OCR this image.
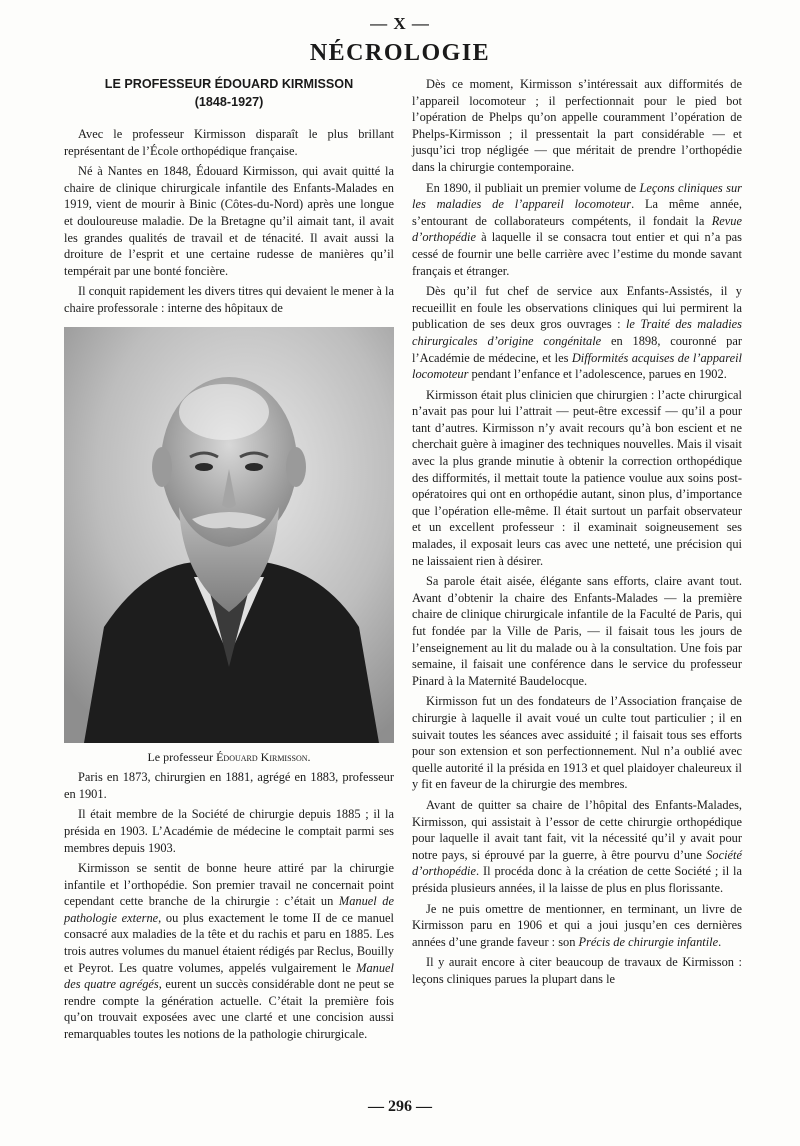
— X —
NÉCROLOGIE
LE PROFESSEUR ÉDOUARD KIRMISSON
(1848-1927)

Avec le professeur Kirmisson disparaît le plus brillant représentant de l’École orthopédique française.

Né à Nantes en 1848, Édouard Kirmisson, qui avait quitté la chaire de clinique chirurgicale infantile des Enfants-Malades en 1919, vient de mourir à Binic (Côtes-du-Nord) après une longue et douloureuse maladie. De la Bretagne qu’il aimait tant, il avait les grandes qualités de travail et de ténacité. Il avait aussi la droiture de l’esprit et une certaine rudesse de manières qu’il tempérait par une bonté foncière.

Il conquit rapidement les divers titres qui devaient le mener à la chaire professorale : interne des hôpitaux de

Le professeur Édouard Kirmisson.

Paris en 1873, chirurgien en 1881, agrégé en 1883, professeur en 1901.

Il était membre de la Société de chirurgie depuis 1885 ; il la présida en 1903. L’Académie de médecine le comptait parmi ses membres depuis 1903.

Kirmisson se sentit de bonne heure attiré par la chirurgie infantile et l’orthopédie. Son premier travail ne concernait point cependant cette branche de la chirurgie : c’était un Manuel de pathologie externe, ou plus exactement le tome II de ce manuel consacré aux maladies de la tête et du rachis et paru en 1885. Les trois autres volumes du manuel étaient rédigés par Reclus, Bouilly et Peyrot. Les quatre volumes, appelés vulgairement le Manuel des quatre agrégés, eurent un succès considérable dont ne peut se rendre compte la génération actuelle. C’était la première fois qu’on trouvait exposées avec une clarté et une concision aussi remarquables toutes les notions de la pathologie chirurgicale.

Dès ce moment, Kirmisson s’intéressait aux difformités de l’appareil locomoteur ; il perfectionnait pour le pied bot l’opération de Phelps qu’on appelle couramment l’opération de Phelps-Kirmisson ; il pressentait la part considérable — et jusqu’ici trop négligée — que méritait de prendre l’orthopédie dans la chirurgie contemporaine.

En 1890, il publiait un premier volume de Leçons cliniques sur les maladies de l’appareil locomoteur. La même année, s’entourant de collaborateurs compétents, il fondait la Revue d’orthopédie à laquelle il se consacra tout entier et qui n’a pas cessé de fournir une belle carrière avec l’estime du monde savant français et étranger.

Dès qu’il fut chef de service aux Enfants-Assistés, il y recueillit en foule les observations cliniques qui lui permirent la publication de ses deux gros ouvrages : le Traité des maladies chirurgicales d’origine congénitale en 1898, couronné par l’Académie de médecine, et les Difformités acquises de l’appareil locomoteur pendant l’enfance et l’adolescence, parues en 1902.

Kirmisson était plus clinicien que chirurgien : l’acte chirurgical n’avait pas pour lui l’attrait — peut-être excessif — qu’il a pour tant d’autres. Kirmisson n’y avait recours qu’à bon escient et ne cherchait guère à imaginer des techniques nouvelles. Mais il visait avec la plus grande minutie à obtenir la correction orthopédique des difformités, il mettait toute la patience voulue aux soins post-opératoires qui ont en orthopédie autant, sinon plus, d’importance que l’opération elle-même. Il était surtout un parfait observateur et un excellent professeur : il examinait soigneusement ses malades, il exposait leurs cas avec une netteté, une précision qui ne laissaient rien à désirer.

Sa parole était aisée, élégante sans efforts, claire avant tout. Avant d’obtenir la chaire des Enfants-Malades — la première chaire de clinique chirurgicale infantile de la Faculté de Paris, qui fut fondée par la Ville de Paris, — il faisait tous les jours de l’enseignement au lit du malade ou à la consultation. Une fois par semaine, il faisait une conférence dans le service du professeur Pinard à la Maternité Baudelocque.

Kirmisson fut un des fondateurs de l’Association française de chirurgie à laquelle il avait voué un culte tout particulier ; il en suivait toutes les séances avec assiduité ; il faisait tous ses efforts pour son extension et son perfectionnement. Nul n’a oublié avec quelle autorité il la présida en 1913 et quel plaidoyer chaleureux il y fit en faveur de la chirurgie des membres.

Avant de quitter sa chaire de l’hôpital des Enfants-Malades, Kirmisson, qui assistait à l’essor de cette chirurgie orthopédique pour laquelle il avait tant fait, vit la nécessité qu’il y avait pour notre pays, si éprouvé par la guerre, à être pourvu d’une Société d’orthopédie. Il procéda donc à la création de cette Société ; il la présida plusieurs années, il la laisse de plus en plus florissante.

Je ne puis omettre de mentionner, en terminant, un livre de Kirmisson paru en 1906 et qui a joui jusqu’en ces dernières années d’une grande faveur : son Précis de chirurgie infantile.

Il y aurait encore à citer beaucoup de travaux de Kirmisson : leçons cliniques parues la plupart dans le

— 296 —
